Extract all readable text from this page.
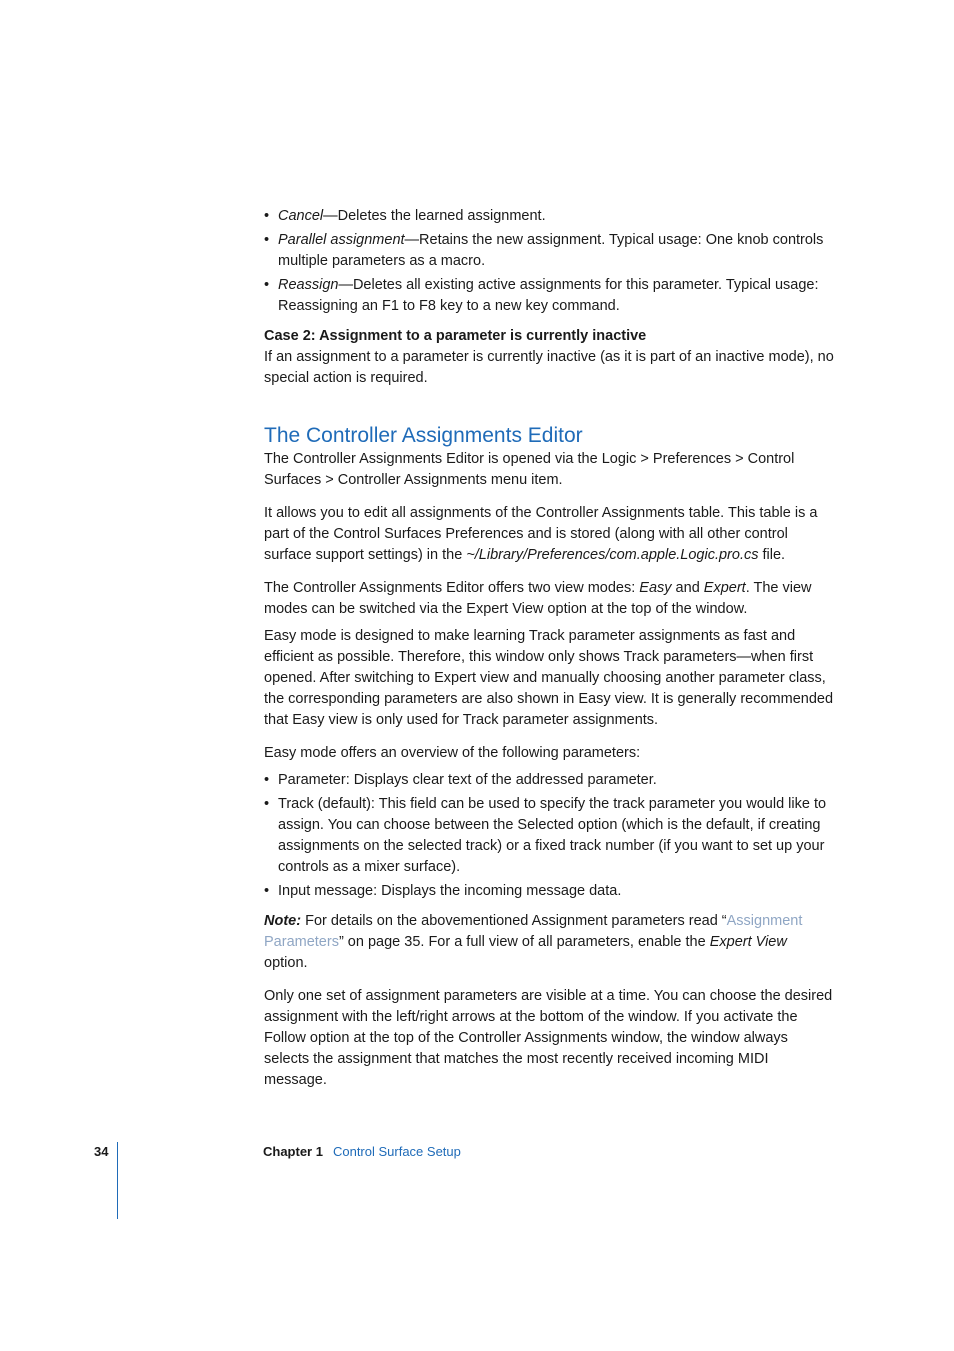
• Cancel—Deletes the learned assignment.
• Parallel assignment—Retains the new assignment. Typical usage: One knob controls multiple parameters as a macro.
• Reassign—Deletes all existing active assignments for this parameter. Typical usage: Reassigning an F1 to F8 key to a new key command.

Case 2: Assignment to a parameter is currently inactive

If an assignment to a parameter is currently inactive (as it is part of an inactive mode), no special action is required.

The Controller Assignments Editor

The Controller Assignments Editor is opened via the Logic > Preferences > Control Surfaces > Controller Assignments menu item.

It allows you to edit all assignments of the Controller Assignments table. This table is a part of the Control Surfaces Preferences and is stored (along with all other control surface support settings) in the ~/Library/Preferences/com.apple.Logic.pro.cs file.

The Controller Assignments Editor offers two view modes: Easy and Expert. The view modes can be switched via the Expert View option at the top of the window.

Easy mode is designed to make learning Track parameter assignments as fast and efficient as possible. Therefore, this window only shows Track parameters—when first opened. After switching to Expert view and manually choosing another parameter class, the corresponding parameters are also shown in Easy view. It is generally recommended that Easy view is only used for Track parameter assignments.

Easy mode offers an overview of the following parameters:

• Parameter: Displays clear text of the addressed parameter.
• Track (default): This field can be used to specify the track parameter you would like to assign. You can choose between the Selected option (which is the default, if creating assignments on the selected track) or a fixed track number (if you want to set up your controls as a mixer surface).
• Input message: Displays the incoming message data.

Note: For details on the abovementioned Assignment parameters read “Assignment Parameters” on page 35. For a full view of all parameters, enable the Expert View option.

Only one set of assignment parameters are visible at a time. You can choose the desired assignment with the left/right arrows at the bottom of the window. If you activate the Follow option at the top of the Controller Assignments window, the window always selects the assignment that matches the most recently received incoming MIDI message.

34	Chapter 1 Control Surface Setup
